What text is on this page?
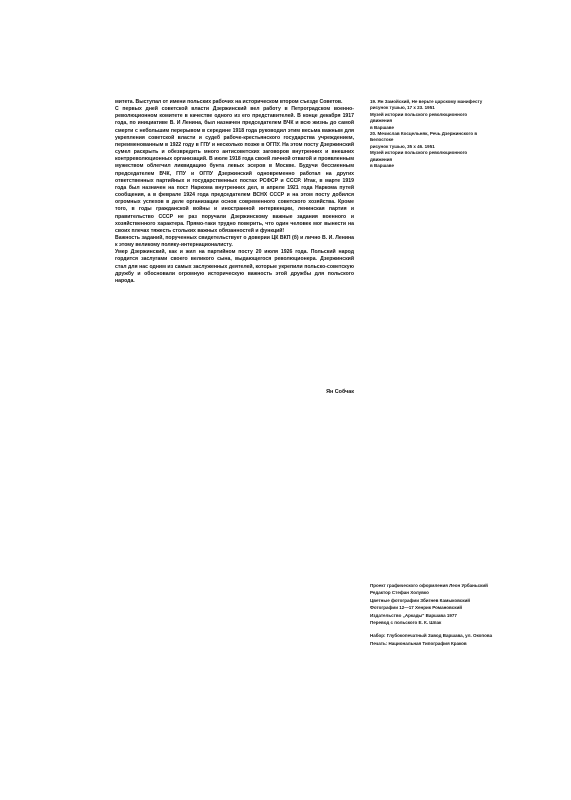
митета. Выступал от имени польских рабочих на историческом втором съезде Советов.

С первых дней советской власти Дзержинский вел работу в Петроградском военно-революционном комитете в качестве одного из его представителей. В конце декабря 1917 года, по инициативе В. И Ленина, был назначен председателем ВЧК и всю жизнь до самой смерти с небольшим перерывом в середине 1918 года руководил этим весьма важным для укрепления советской власти и судеб рабоче-крестьянского государства учреждением, переименованным в 1922 году в ГПУ и несколько позже в ОГПУ. На этом посту Дзержинский сумел раскрыть и обезвредить много антисоветских заговоров внутренних и внешних контрреволюционных организаций. В июле 1918 года своей личной отвагой и проявленным мужеством облегчил ликвидацию бунта левых эсеров в Москве. Будучи бессменным председателем ВЧК, ГПУ и ОГПУ Дзержинский одновременно работал на других ответственных партийных и государственных постах РСФСР и СССР. Итак, в марте 1919 года был назначен на пост Наркома внутренних дел, в апреле 1921 года Наркома путей сообщения, а в феврале 1924 года председателем ВСНХ СССР и на этом посту добился огромных успехов в деле организации основ современного советского хозяйства. Кроме того, в годы гражданской войны и иностранной интервенции, ленинская партия и правительство СССР не раз поручали Дзержинскому важные задания военного и хозяйственного характера. Прямо-таки трудно поверить, что один человек мог вынести на своих плечах тяжесть стольких важных обязанностей и функций!

Важность заданий, порученных свидетельствует о доверии ЦК ВКП (б) и лично В. И. Ленина к этому великому поляку-интернационалисту.

Умер Дзержинский, как и жил на партийном посту 20 июля 1926 года. Польский народ гордится заслугами своего великого сына, выдающегося революционера. Дзержинский стал для нас одним из самых заслуженных деятелей, которые укрепили польско-советскую дружбу и обосновали огромную историческую важность этой дружбы для польского народа.

Ян Собчак
19. Ян Замойский, Не верьте царскому манифесту
рисунок тушью, 17 х 23. 1951
Музей истории польского революционного движения
в Варшаве
20. Мечислав Косцельняк, Речь Дзержинского в Белостоке
рисунок тушью, 35 х 46. 1951
Музей истории польского революционного движения
в Варшаве
Проект графического оформления Леон Урбаньский
Редактор Стефан Холувко
Цветные фотографии Збигнев Камыковский
Фотографии 12—17 Хенрик Романовский
Издательство „Аркады" Варшава 1977
Перевод с польского Е. К. Шпак
Набор: Глубокопечатный Завод Варшава, ул. Окопова
Печать: Национальная Типография Краков
